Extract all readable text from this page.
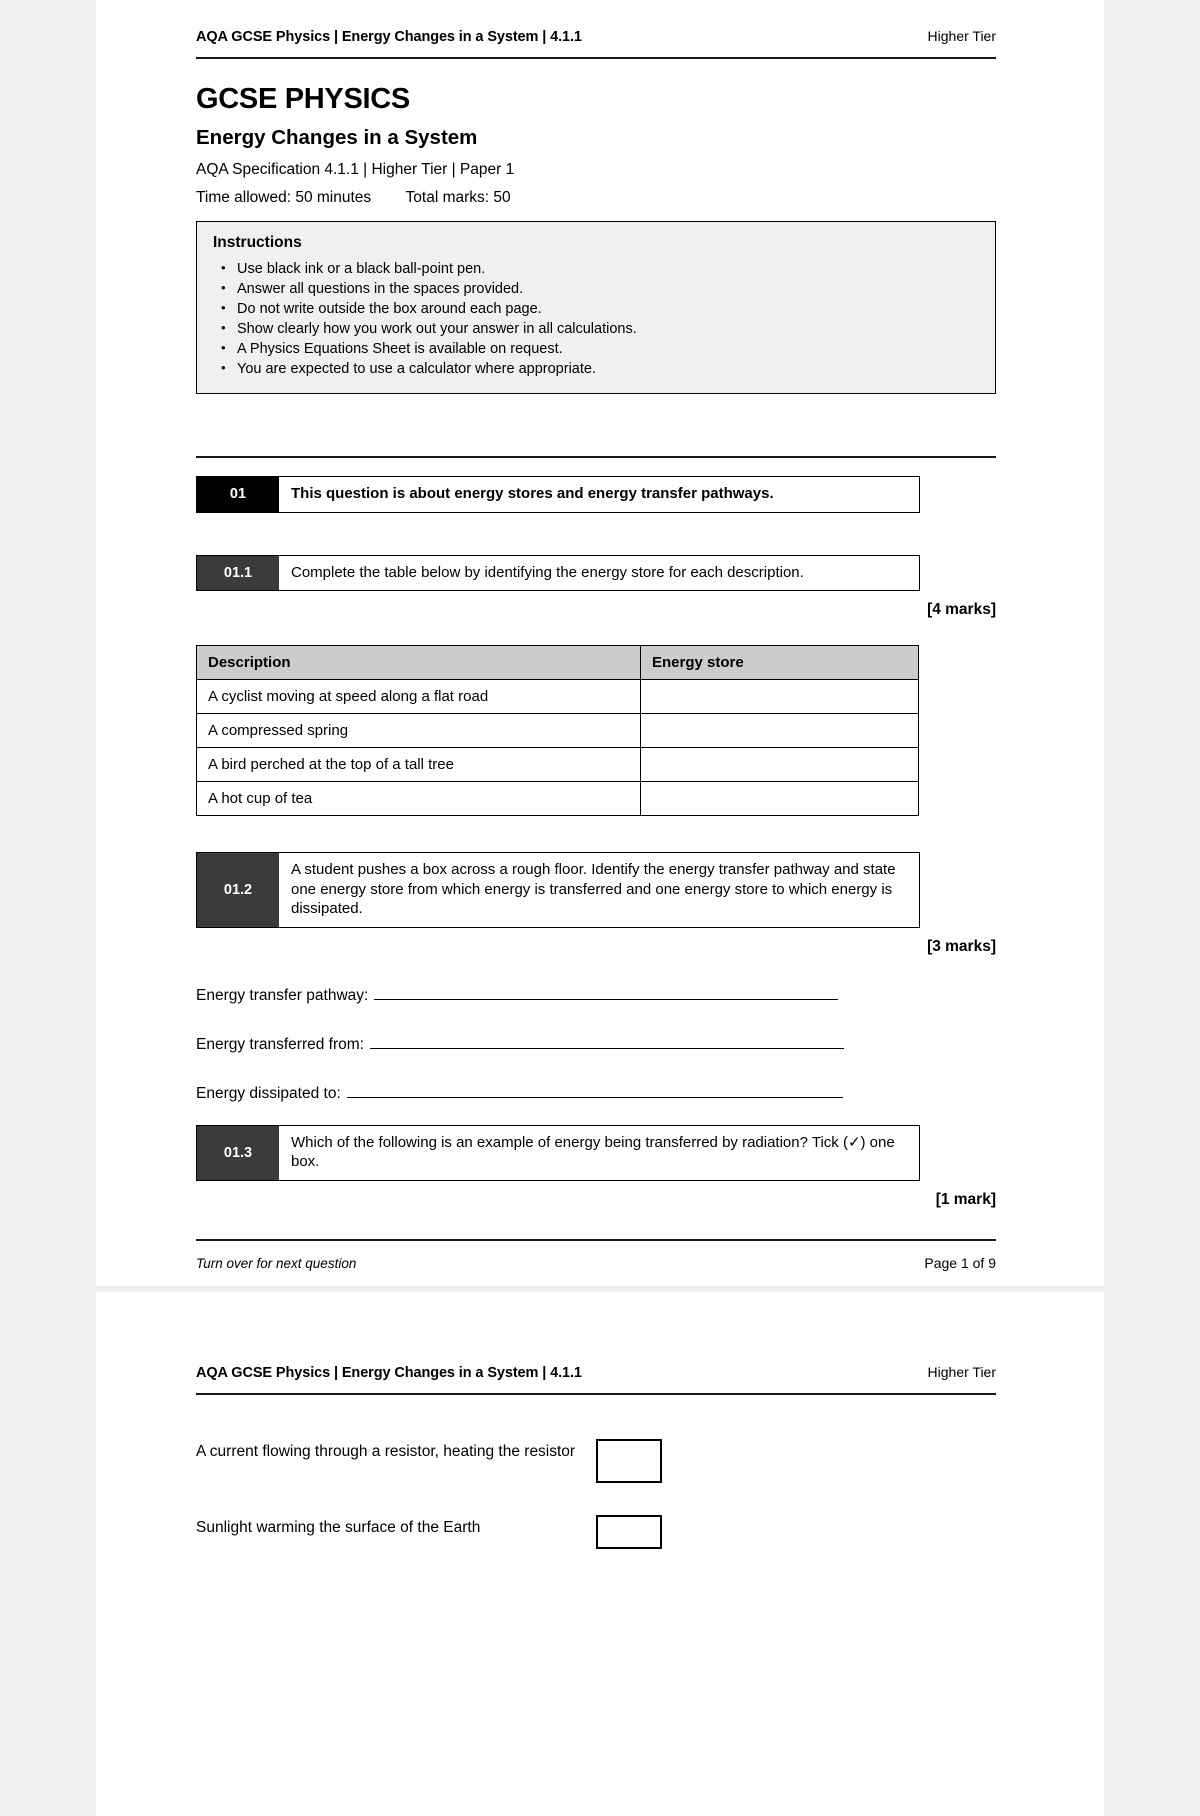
AQA GCSE Physics | Energy Changes in a System | 4.1.1	Higher Tier
GCSE PHYSICS
Energy Changes in a System
AQA Specification 4.1.1 | Higher Tier | Paper 1
Time allowed: 50 minutes Total marks: 50
Instructions
• Use black ink or a black ball-point pen.
• Answer all questions in the spaces provided.
• Do not write outside the box around each page.
• Show clearly how you work out your answer in all calculations.
• A Physics Equations Sheet is available on request.
• You are expected to use a calculator where appropriate.
01	This question is about energy stores and energy transfer pathways.
01.1	Complete the table below by identifying the energy store for each description.
[4 marks]
Description	Energy store
A cyclist moving at speed along a flat road	
A compressed spring	
A bird perched at the top of a tall tree	
A hot cup of tea	
01.2
A student pushes a box across a rough floor. Identify the energy transfer pathway and state one energy store from which energy is transferred and one energy store to which energy is dissipated.
[3 marks]
Energy transfer pathway:
Energy transferred from:
Energy dissipated to:
01.3
Which of the following is an example of energy being transferred by radiation? Tick (✓) one box.
[1 mark]
Turn over for next question	Page 1 of 9
AQA GCSE Physics | Energy Changes in a System | 4.1.1	Higher Tier
A current flowing through a resistor, heating the resistor
Sunlight warming the surface of the Earth
